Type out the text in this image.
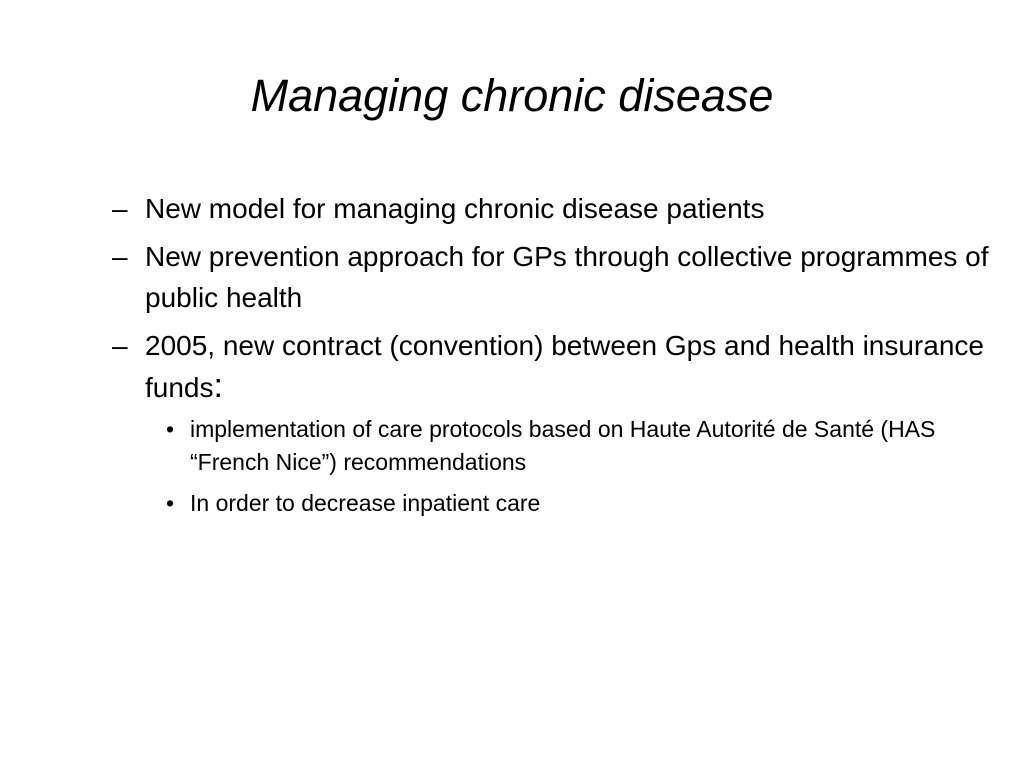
Managing chronic disease
– New model for managing chronic disease patients
– New prevention approach for GPs through collective programmes of public health
– 2005, new contract (convention) between Gps and health insurance funds:
• implementation of care protocols based on Haute Autorité de Santé (HAS “French Nice”) recommendations
• In order to decrease inpatient care
